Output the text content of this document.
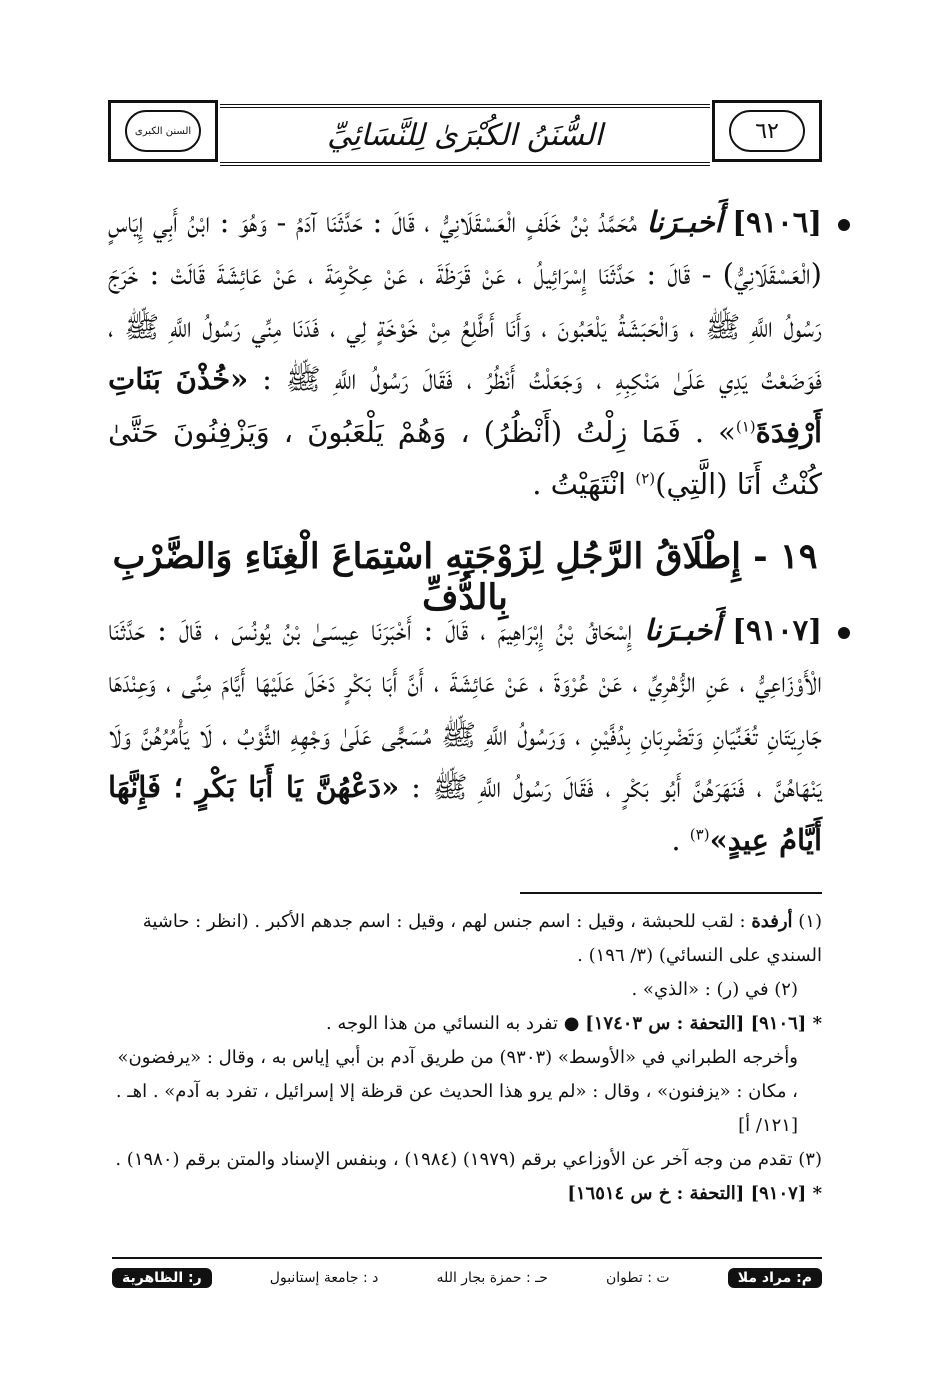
السُّنَنُ الكُبْرَىٰ لِلنَّسَائِيِّ	٦٢
السنن الكبرى

[٩١٠٦] أَخبـرَنا مُحَمَّدُ بْنُ خَلَفٍ الْعَسْقَلَانِيُّ ، قَالَ : حَدَّثَنَا آدَمُ - وَهُوَ : ابْنُ أَبِي إِيَاسٍ (الْعَسْقَلَانِيُّ) - قَالَ : حَدَّثَنَا إِسْرَائِيلُ ، عَنْ قَرَظَةَ ، عَنْ عِكْرِمَةَ ، عَنْ عَائِشَةَ قَالَتْ : خَرَجَ رَسُولُ اللَّهِ ﷺ ، وَالْحَبَشَةُ يَلْعَبُونَ ، وَأَنَا أَطَّلِعُ مِنْ خَوْخَةٍ لِي ، فَدَنَا مِنِّي رَسُولُ اللَّهِ ﷺ ، فَوَضَعْتُ يَدِي عَلَىٰ مَنْكِبِهِ ، وَجَعَلْتُ أَنْظُرُ ، فَقَالَ رَسُولُ اللَّهِ ﷺ : «خُذْنَ بَنَاتِ أَرْفِدَةَ$^{(١)}$» . فَمَا زِلْتُ (أَنْظُرُ) ، وَهُمْ يَلْعَبُونَ ، وَيَزْفِنُونَ حَتَّىٰ كُنْتُ أَنَا (الَّتِي)$^{(٢)}$ انْتَهَيْتُ .

١٩ - إِطْلَاقُ الرَّجُلِ لِزَوْجَتِهِ اسْتِمَاعَ الْغِنَاءِ وَالضَّرْبِ بِالدُّفِّ

[٩١٠٧] أَخبـرَنا إِسْحَاقُ بْنُ إِبْرَاهِيمَ ، قَالَ : أَخْبَرَنَا عِيسَىٰ بْنُ يُونُسَ ، قَالَ : حَدَّثَنَا الْأَوْزَاعِيُّ ، عَنِ الزُّهْرِيِّ ، عَنْ عُرْوَةَ ، عَنْ عَائِشَةَ ، أَنَّ أَبَا بَكْرٍ دَخَلَ عَلَيْهَا أَيَّامَ مِنًى ، وَعِنْدَهَا جَارِيَتَانِ تُغَنِّيَانِ وَتَضْرِبَانِ بِدُفَّيْنِ ، وَرَسُولُ اللَّهِ ﷺ مُسَجًّى عَلَىٰ وَجْهِهِ الثَّوْبُ ، لَا يَأْمُرُهُنَّ وَلَا يَنْهَاهُنَّ ، فَنَهَرَهُنَّ أَبُو بَكْرٍ ، فَقَالَ رَسُولُ اللَّهِ ﷺ : «دَعْهُنَّ يَا أَبَا بَكْرٍ ؛ فَإِنَّهَا أَيَّامُ عِيدٍ»$^{(٣)}$ .

(١) أرفدة : لقب للحبشة ، وقيل : اسم جنس لهم ، وقيل : اسم جدهم الأكبر . (انظر : حاشية السندي على النسائي) (٣/ ١٩٦) .

(٢) في (ر) : «الذي» .

* [٩١٠٦] [التحفة : س ١٧٤٠٣] ● تفرد به النسائي من هذا الوجه .

وأخرجه الطبراني في «الأوسط» (٩٣٠٣) من طريق آدم بن أبي إياس به ، وقال : «يرفضون» ، مكان : «يزفنون» ، وقال : «لم يرو هذا الحديث عن قرظة إلا إسرائيل ، تفرد به آدم» . اهـ . [١٢١/ أ]

(٣) تقدم من وجه آخر عن الأوزاعي برقم (١٩٧٩) (١٩٨٤) ، وبنفس الإسناد والمتن برقم (١٩٨٠) .

* [٩١٠٧] [التحفة : خ س ١٦٥١٤]

م: مراد ملا
ت : تطوان
حـ : حمزة بجار الله
د : جامعة إستانبول
ر: الظاهرية
